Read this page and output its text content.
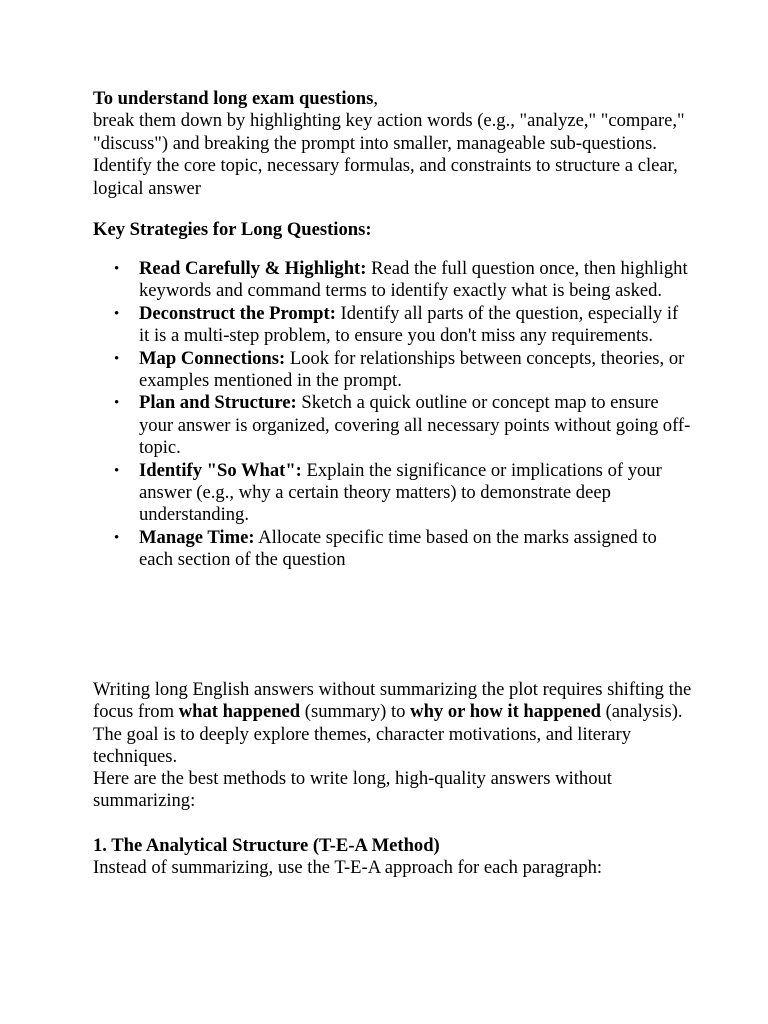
To understand long exam questions,
break them down by highlighting key action words (e.g., "analyze," "compare," "discuss") and breaking the prompt into smaller, manageable sub-questions. Identify the core topic, necessary formulas, and constraints to structure a clear, logical answer

Key Strategies for Long Questions:

• Read Carefully & Highlight: Read the full question once, then highlight keywords and command terms to identify exactly what is being asked.
• Deconstruct the Prompt: Identify all parts of the question, especially if it is a multi-step problem, to ensure you don't miss any requirements.
• Map Connections: Look for relationships between concepts, theories, or examples mentioned in the prompt.
• Plan and Structure: Sketch a quick outline or concept map to ensure your answer is organized, covering all necessary points without going off-topic.
• Identify "So What": Explain the significance or implications of your answer (e.g., why a certain theory matters) to demonstrate deep understanding.
• Manage Time: Allocate specific time based on the marks assigned to each section of the question

Writing long English answers without summarizing the plot requires shifting the focus from what happened (summary) to why or how it happened (analysis). The goal is to deeply explore themes, character motivations, and literary techniques.

Here are the best methods to write long, high-quality answers without summarizing:

1. The Analytical Structure (T-E-A Method)

Instead of summarizing, use the T-E-A approach for each paragraph:
